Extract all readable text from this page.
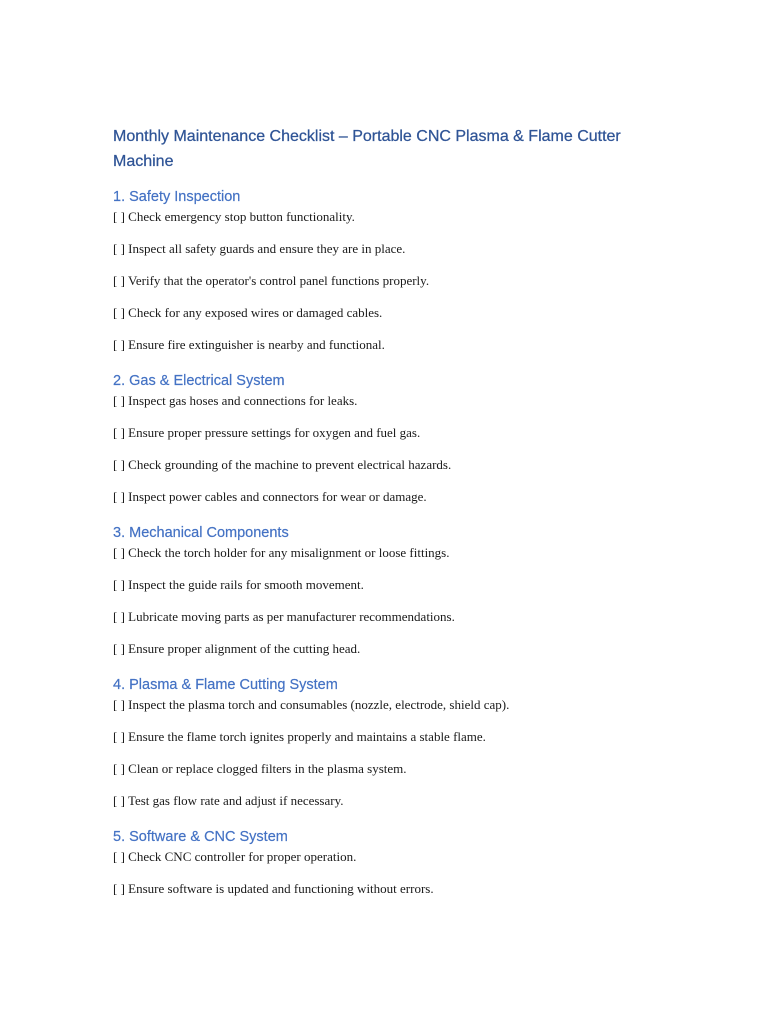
Monthly Maintenance Checklist – Portable CNC Plasma & Flame Cutter Machine
1. Safety Inspection
[ ] Check emergency stop button functionality.
[ ] Inspect all safety guards and ensure they are in place.
[ ] Verify that the operator's control panel functions properly.
[ ] Check for any exposed wires or damaged cables.
[ ] Ensure fire extinguisher is nearby and functional.
2. Gas & Electrical System
[ ] Inspect gas hoses and connections for leaks.
[ ] Ensure proper pressure settings for oxygen and fuel gas.
[ ] Check grounding of the machine to prevent electrical hazards.
[ ] Inspect power cables and connectors for wear or damage.
3. Mechanical Components
[ ] Check the torch holder for any misalignment or loose fittings.
[ ] Inspect the guide rails for smooth movement.
[ ] Lubricate moving parts as per manufacturer recommendations.
[ ] Ensure proper alignment of the cutting head.
4. Plasma & Flame Cutting System
[ ] Inspect the plasma torch and consumables (nozzle, electrode, shield cap).
[ ] Ensure the flame torch ignites properly and maintains a stable flame.
[ ] Clean or replace clogged filters in the plasma system.
[ ] Test gas flow rate and adjust if necessary.
5. Software & CNC System
[ ] Check CNC controller for proper operation.
[ ] Ensure software is updated and functioning without errors.
